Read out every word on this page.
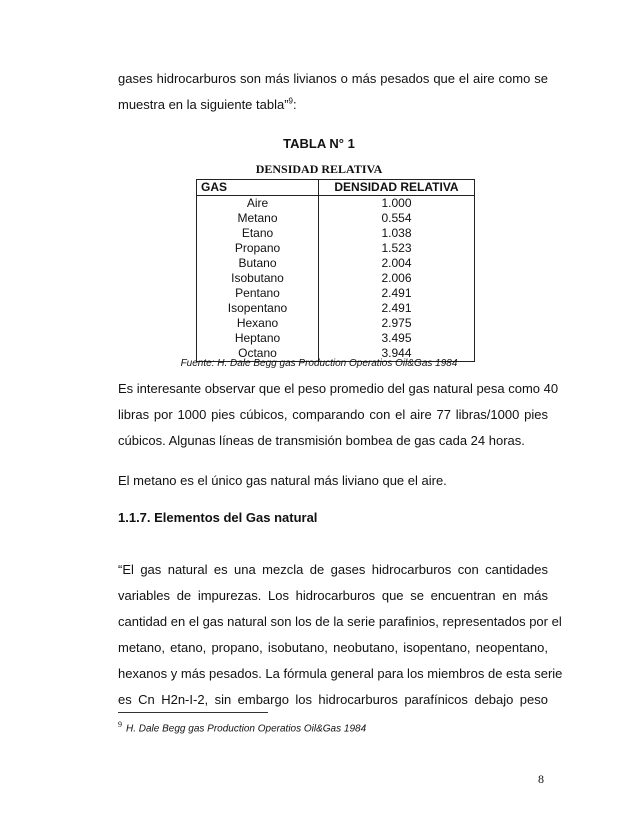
gases hidrocarburos son más livianos o más pesados que el aire como se
muestra en la siguiente tabla”$^9$:
TABLA N° 1
DENSIDAD RELATIVA
GAS	DENSIDAD RELATIVA
Aire	1.000
Metano	0.554
Etano	1.038
Propano	1.523
Butano	2.004
Isobutano	2.006
Pentano	2.491
Isopentano	2.491
Hexano	2.975
Heptano	3.495
Octano	3.944
Fuente: H. Dale Begg gas Production Operatios Oil&Gas 1984
Es interesante observar que el peso promedio del gas natural pesa como 40
libras por 1000 pies cúbicos, comparando con el aire 77 libras/1000 pies
cúbicos. Algunas líneas de transmisión bombea de gas cada 24 horas.
El metano es el único gas natural más liviano que el aire.
1.1.7. Elementos del Gas natural
“El gas natural es una mezcla de gases hidrocarburos con cantidades
variables de impurezas. Los hidrocarburos que se encuentran en más
cantidad en el gas natural son los de la serie parafinios, representados por el
metano, etano, propano, isobutano, neobutano, isopentano, neopentano,
hexanos y más pesados. La fórmula general para los miembros de esta serie
es Cn H2n-I-2, sin embargo los hidrocarburos parafínicos debajo peso
$^9$ H. Dale Begg gas Production Operatios Oil&Gas 1984
8
